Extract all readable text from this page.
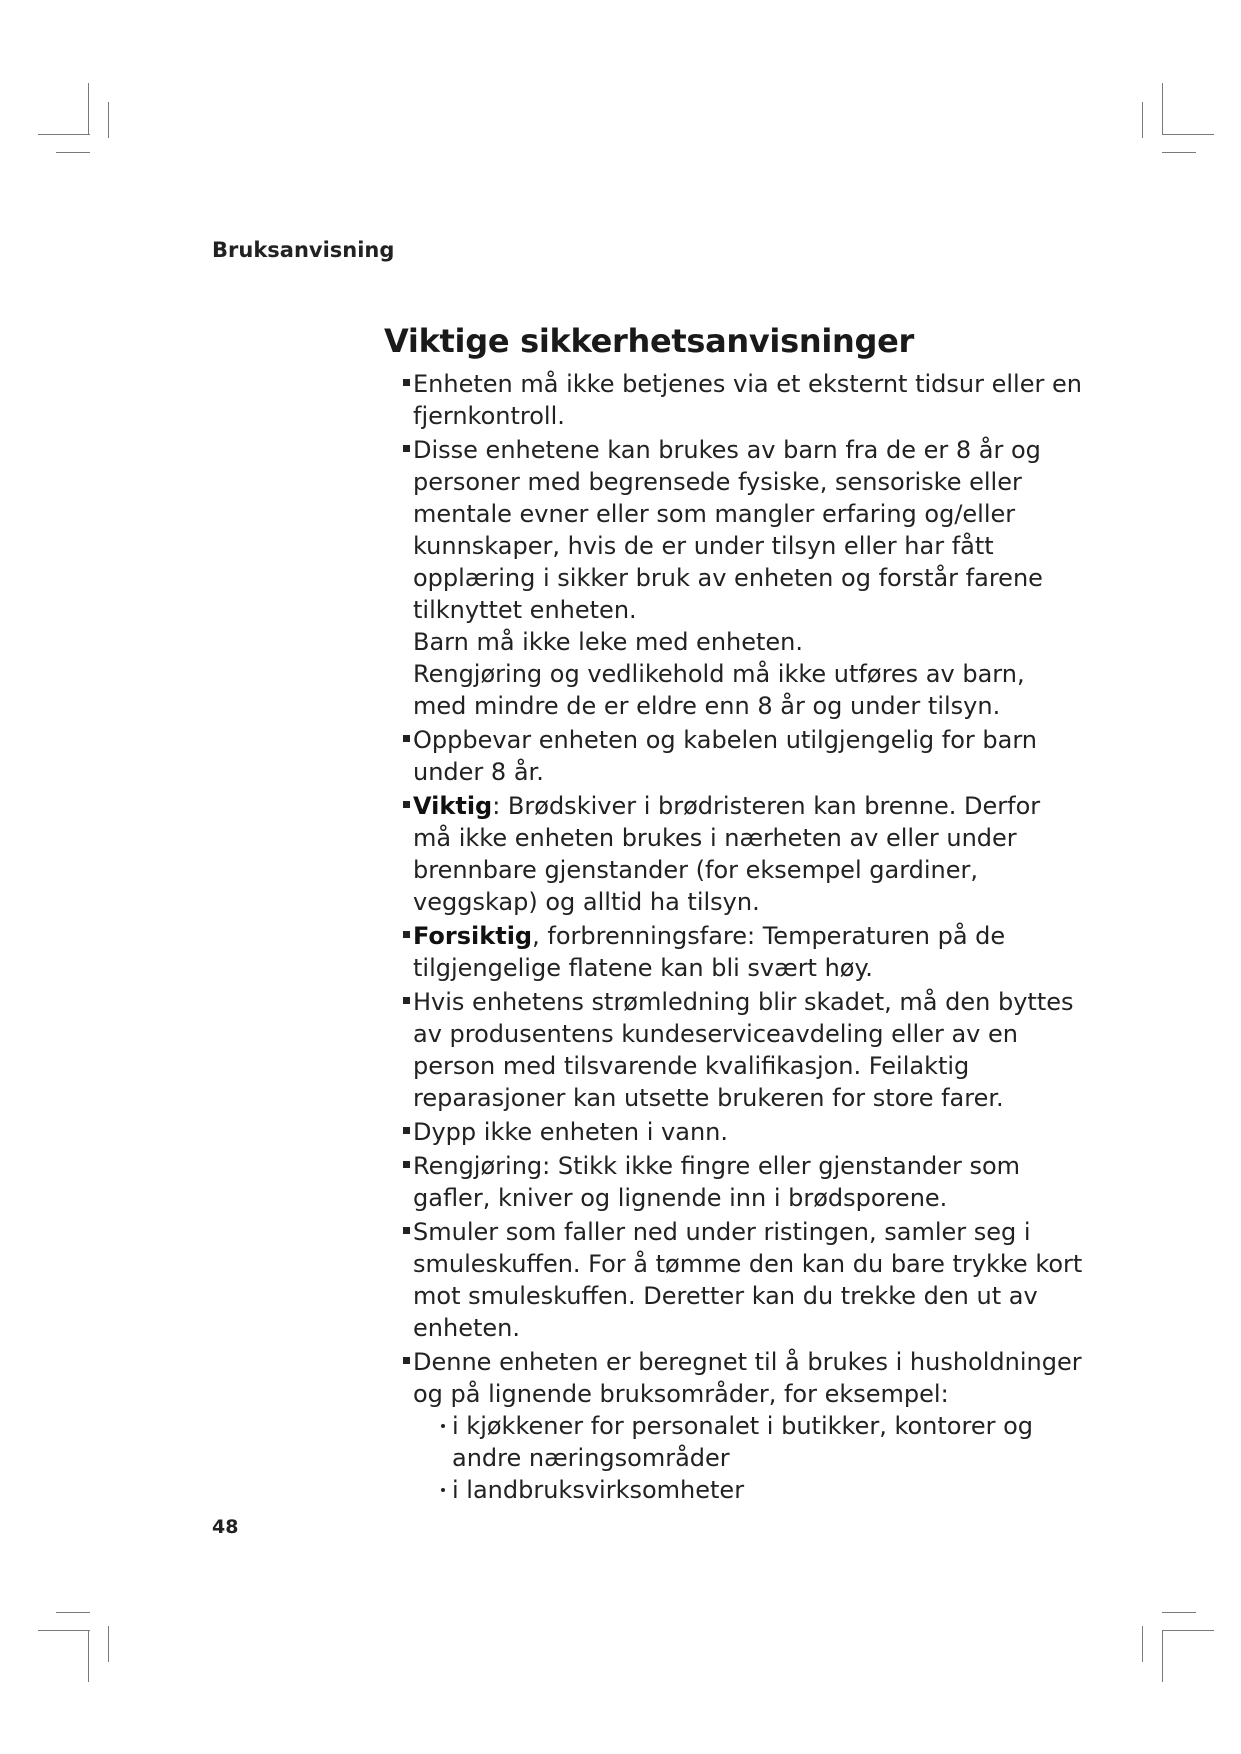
Bruksanvisning
Viktige sikkerhetsanvisninger

Enheten må ikke betjenes via et eksternt tidsur eller en fjernkontroll.

Disse enhetene kan brukes av barn fra de er 8 år og personer med begrensede fysiske, sensoriske eller mentale evner eller som mangler erfaring og/eller kunnskaper, hvis de er under tilsyn eller har fått opplæring i sikker bruk av enheten og forstår farene tilknyttet enheten.

Barn må ikke leke med enheten.

Rengjøring og vedlikehold må ikke utføres av barn, med mindre de er eldre enn 8 år og under tilsyn.

Oppbevar enheten og kabelen utilgjengelig for barn under 8 år.

Viktig: Brødskiver i brødristeren kan brenne. Derfor må ikke enheten brukes i nærheten av eller under brennbare gjenstander (for eksempel gardiner, veggskap) og alltid ha tilsyn.

Forsiktig, forbrenningsfare: Temperaturen på de tilgjengelige flatene kan bli svært høy.

Hvis enhetens strømledning blir skadet, må den byttes av produsentens kundeserviceavdeling eller av en person med tilsvarende kvalifikasjon. Feilaktig reparasjoner kan utsette brukeren for store farer.

Dypp ikke enheten i vann.

Rengjøring: Stikk ikke fingre eller gjenstander som gafler, kniver og lignende inn i brødsporene.

Smuler som faller ned under ristingen, samler seg i smuleskuffen. For å tømme den kan du bare trykke kort mot smuleskuffen. Deretter kan du trekke den ut av enheten.

Denne enheten er beregnet til å brukes i husholdninger og på lignende bruksområder, for eksempel:

i kjøkkener for personalet i butikker, kontorer og andre næringsområder

i landbruksvirksomheter

48
